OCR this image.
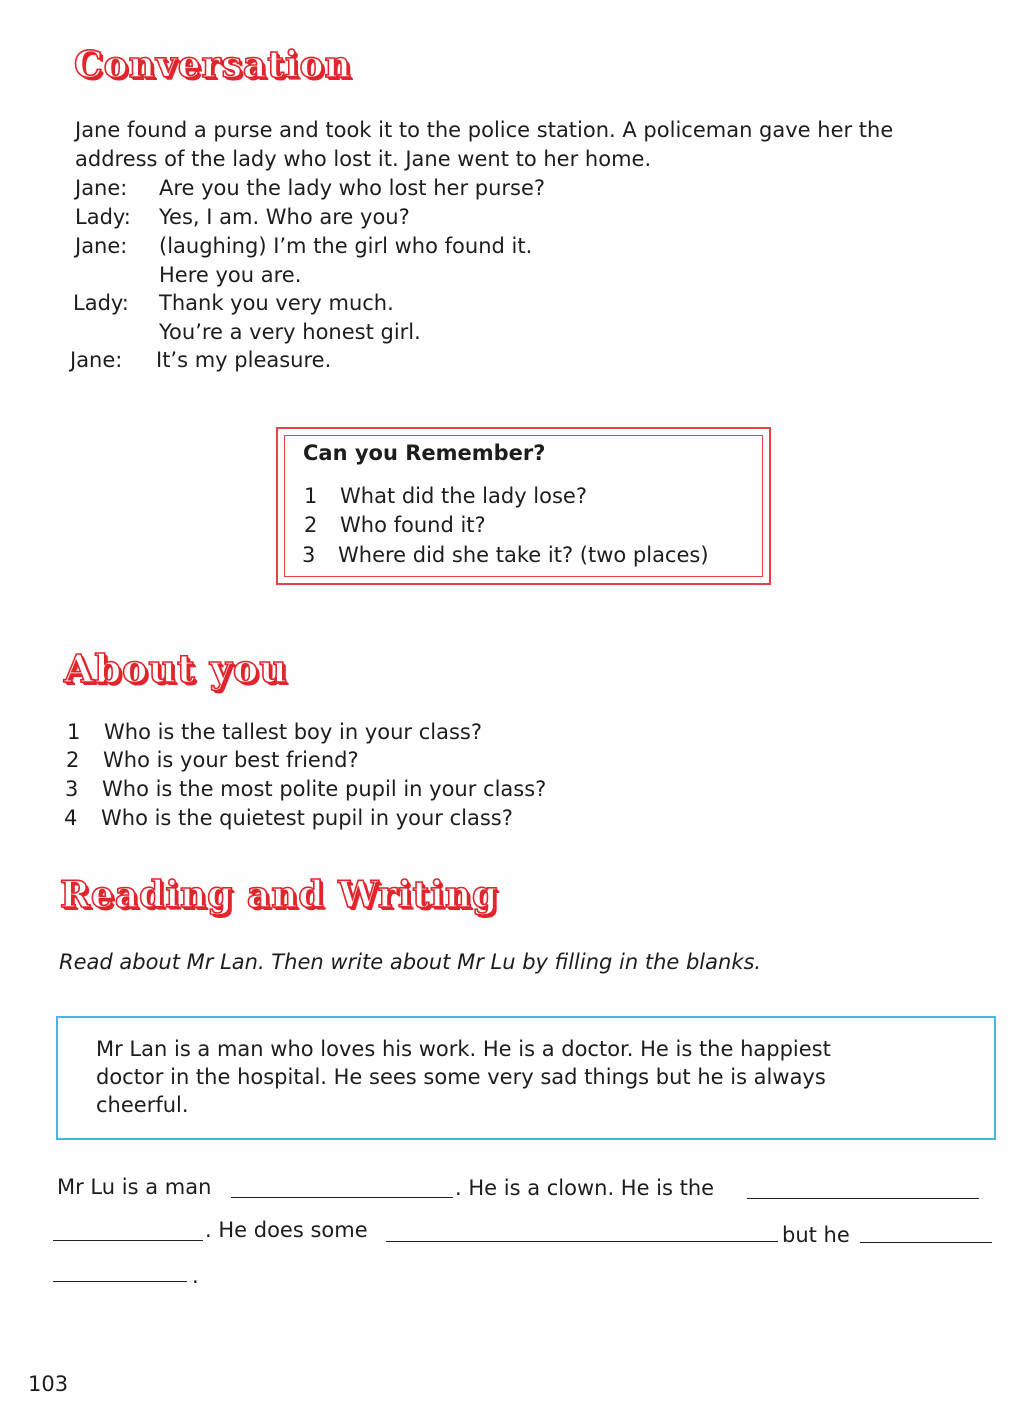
Conversation
Jane found a purse and took it to the police station. A policeman gave her the
address of the lady who lost it. Jane went to her home.
Jane: Are you the lady who lost her purse?
Lady: Yes, I am. Who are you?
Jane: (laughing) I’m the girl who found it.
Here you are.
Lady: Thank you very much.
You’re a very honest girl.
Jane: It’s my pleasure.
Can you Remember?
1 What did the lady lose?
2 Who found it?
3 Where did she take it? (two places)
About you
1 Who is the tallest boy in your class?
2 Who is your best friend?
3 Who is the most polite pupil in your class?
4 Who is the quietest pupil in your class?
Reading and Writing
Read about Mr Lan. Then write about Mr Lu by filling in the blanks.
Mr Lan is a man who loves his work. He is a doctor. He is the happiest
doctor in the hospital. He sees some very sad things but he is always
cheerful.
Mr Lu is a man	. He is a clown. He is the
. He does some	but he
.
103
